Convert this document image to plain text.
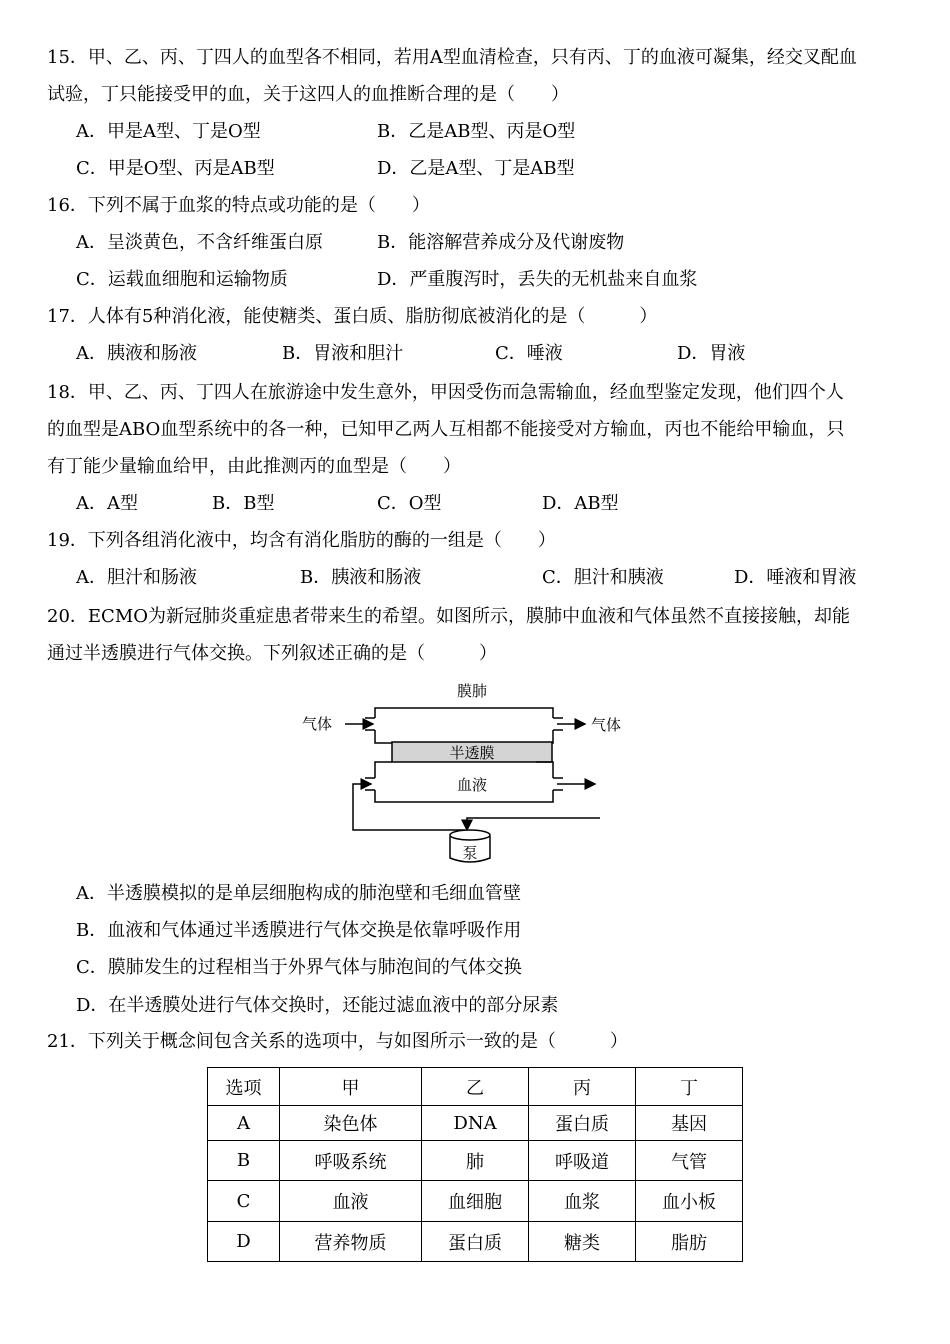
15．甲、乙、丙、丁四人的血型各不相同，若用A型血清检查，只有丙、丁的血液可凝集，经交叉配血
试验，丁只能接受甲的血，关于这四人的血推断合理的是（　　）
A．甲是A型、丁是O型	B．乙是AB型、丙是O型
C．甲是O型、丙是AB型	D．乙是A型、丁是AB型
16．下列不属于血浆的特点或功能的是（　　）
A．呈淡黄色，不含纤维蛋白原	B．能溶解营养成分及代谢废物
C．运载血细胞和运输物质	D．严重腹泻时，丢失的无机盐来自血浆
17．人体有5种消化液，能使糖类、蛋白质、脂肪彻底被消化的是（　　　）
A．胰液和肠液	B．胃液和胆汁	C．唾液	D．胃液
18．甲、乙、丙、丁四人在旅游途中发生意外，甲因受伤而急需输血，经血型鉴定发现，他们四个人
的血型是ABO血型系统中的各一种，已知甲乙两人互相都不能接受对方输血，丙也不能给甲输血，只
有丁能少量输血给甲，由此推测丙的血型是（　　）
A．A型	B．B型	C．O型	D．AB型
19．下列各组消化液中，均含有消化脂肪的酶的一组是（　　）
A．胆汁和肠液	B．胰液和肠液	C．胆汁和胰液	D．唾液和胃液
20．ECMO为新冠肺炎重症患者带来生的希望。如图所示，膜肺中血液和气体虽然不直接接触，却能
通过半透膜进行气体交换。下列叙述正确的是（　　　）
膜肺
气体	气体
半透膜
血液
泵
A．半透膜模拟的是单层细胞构成的肺泡壁和毛细血管壁
B．血液和气体通过半透膜进行气体交换是依靠呼吸作用
C．膜肺发生的过程相当于外界气体与肺泡间的气体交换
D．在半透膜处进行气体交换时，还能过滤血液中的部分尿素
21．下列关于概念间包含关系的选项中，与如图所示一致的是（　　　）
选项	甲	乙	丙	丁
A	染色体	DNA	蛋白质	基因
B	呼吸系统	肺	呼吸道	气管
C	血液	血细胞	血浆	血小板
D	营养物质	蛋白质	糖类	脂肪
